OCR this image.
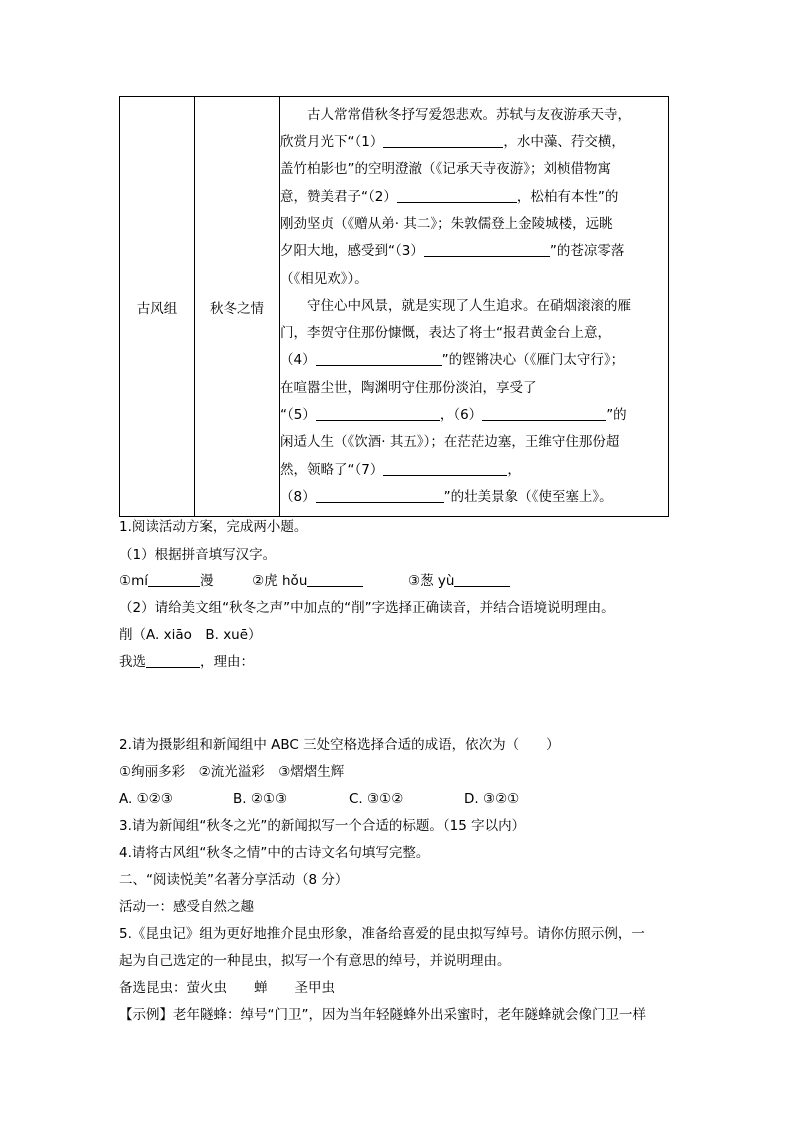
古风组	秋冬之情	
古人常常借秋冬抒写爱怨悲欢。苏轼与友夜游承天寺，
欣赏月光下“（1）	，水中藻、荇交横，
盖竹柏影也”的空明澄澈（《记承天寺夜游》；刘桢借物寓
意，赞美君子“（2）	，松柏有本性”的
刚劲坚贞（《赠从弟· 其二》；朱敦儒登上金陵城楼，远眺
夕阳大地，感受到“（3）	”的苍凉零落
（《相见欢》）。
守住心中风景，就是实现了人生追求。在硝烟滚滚的雁
门，李贺守住那份慷慨，表达了将士“报君黄金台上意，
（4）	”的铿锵决心（《雁门太守行》；
在喧嚣尘世，陶渊明守住那份淡泊，享受了
“（5）	，（6）	”的
闲适人生（《饮酒· 其五》）；在茫茫边塞，王维守住那份超
然，领略了“（7）	，
（8）	”的壮美景象（《使至塞上》。
1.阅读活动方案，完成两小题。
（1）根据拼音填写汉字。
①mí	漫	②虎 hǒu	③葱 yù
（2）请给美文组“秋冬之声”中加点的“削”字选择正确读音，并结合语境说明理由。
削（A. xiāo　B. xuē）
我选	，理由：
2.请为摄影组和新闻组中 ABC 三处空格选择合适的成语，依次为（　　）
①绚丽多彩　②流光溢彩　③熠熠生辉
A. ①②③	B. ②①③	C. ③①②	D. ③②①
3.请为新闻组“秋冬之光”的新闻拟写一个合适的标题。（15 字以内）
4.请将古风组“秋冬之情”中的古诗文名句填写完整。
二、“阅读悦美”名著分享活动（8 分）
活动一：感受自然之趣
5.《昆虫记》组为更好地推介昆虫形象，准备给喜爱的昆虫拟写绰号。请你仿照示例，一
起为自己选定的一种昆虫，拟写一个有意思的绰号，并说明理由。
备选昆虫：萤火虫　　蝉　　圣甲虫
【示例】老年隧蜂：绰号“门卫”，因为当年轻隧蜂外出采蜜时，老年隧蜂就会像门卫一样
